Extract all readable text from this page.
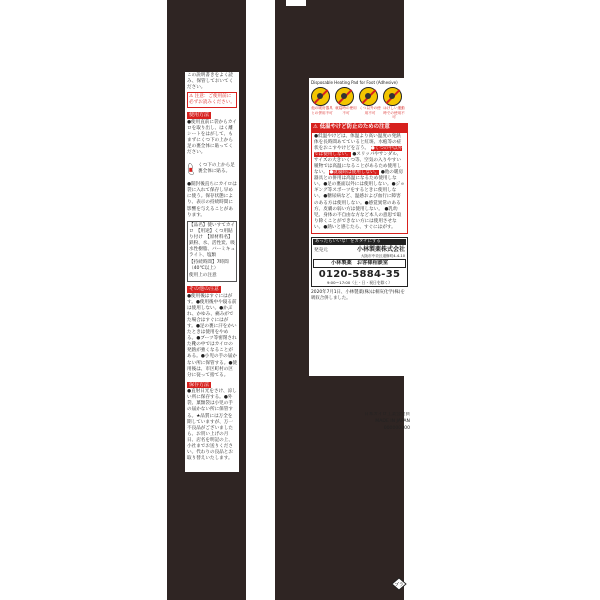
この説明書きをよく読み、保管しておいてください。

⚠ 注意：ご使用前に必ずお読みください。
使用方法

●使用直前に袋からカイロを取り出し、はく離シートをはがして、もまずにくつ下の上から足の裏全体に貼ってください。

くつ下の上から足裏全体に貼る。

●開封後直ちにカイロは袋に入れて保存し早めに使う。保存状態により、表示の持続時間に影響を与えることがあります。

【品名】使いすてカイロ　【用途】くつ用貼り付け　【原材料名】鉄粉、水、活性炭、吸水性樹脂、バーミキュライト、塩類

【持続時間】7時間（40℃以上）

使用上の注意

その他の注意

●使用後はすぐにはがす。●使用後中や寝る前は使用しない。●かぶれ、かゆみ、痛みがでた場合はすぐにはがす。●足の裏に汗をかいたときは使用をやめる。●ブーツ等密閉された靴の中ではカイロの発熱が強くなることがある。●小児の手の届かない所に保管する。●使用後は、市区町村の区分に従って捨てる。

保存方法

●直射日光をさけ、涼しい所に保存する。●外袋、菓類袋は小児の手の届かない所に保管する。★品質には万全を期していますが、万一不良品がございましたら、お買い上げの月日、店名を明記の上、小社までお送りください。代わりの良品とお取り替えいたします。

Disposable Heating Pad for Foot (Adhesive)
他の暖房器具との併用不可
就寝時の使用不可
くつ以外の使用不可
はげしい運動時での使用不可
⚠ 低温やけど防止のための注意

●低温やけどは、体温より高い温度の発熱体を長時間あてていると紅斑、水疱等の症状をおこすやけどを言う。 ●くつの中以外では使用しない。 ●スリッパやサンダル、サイズの大きいくつ等、空気の入りやすい履物では高温になることがあるため使用しない。 ●就寝時は使用しない。 ●他の暖房器具との併用は高温になるため使用しない。●足の裏面以外には使用しない。●ジョギング等スポーツをするときに使用しない。●糖尿病など、温感および血行に障害のある方は使用しない。●感覚異常のある方、皮膚の弱い方は使用しない。 ●乳幼児、身体の不自由な方など本人の意思で取り除くことができない方には使用させない。●熱いと感じたら、すぐにはがす。

あったらいいな！をカタチにする
発売元	小林製薬株式会社
大阪市中央区道修町4-4-10
小林製薬　お客様相談室
0120-5884-35
9:00〜17:00（土・日・祝日を除く）

2020年7月1日、小林製薬(株)は桐灰化学(株)を吸収合併しました。

日本カイロ工業会会員
MADE IN JAPAN
000000000
プラ
